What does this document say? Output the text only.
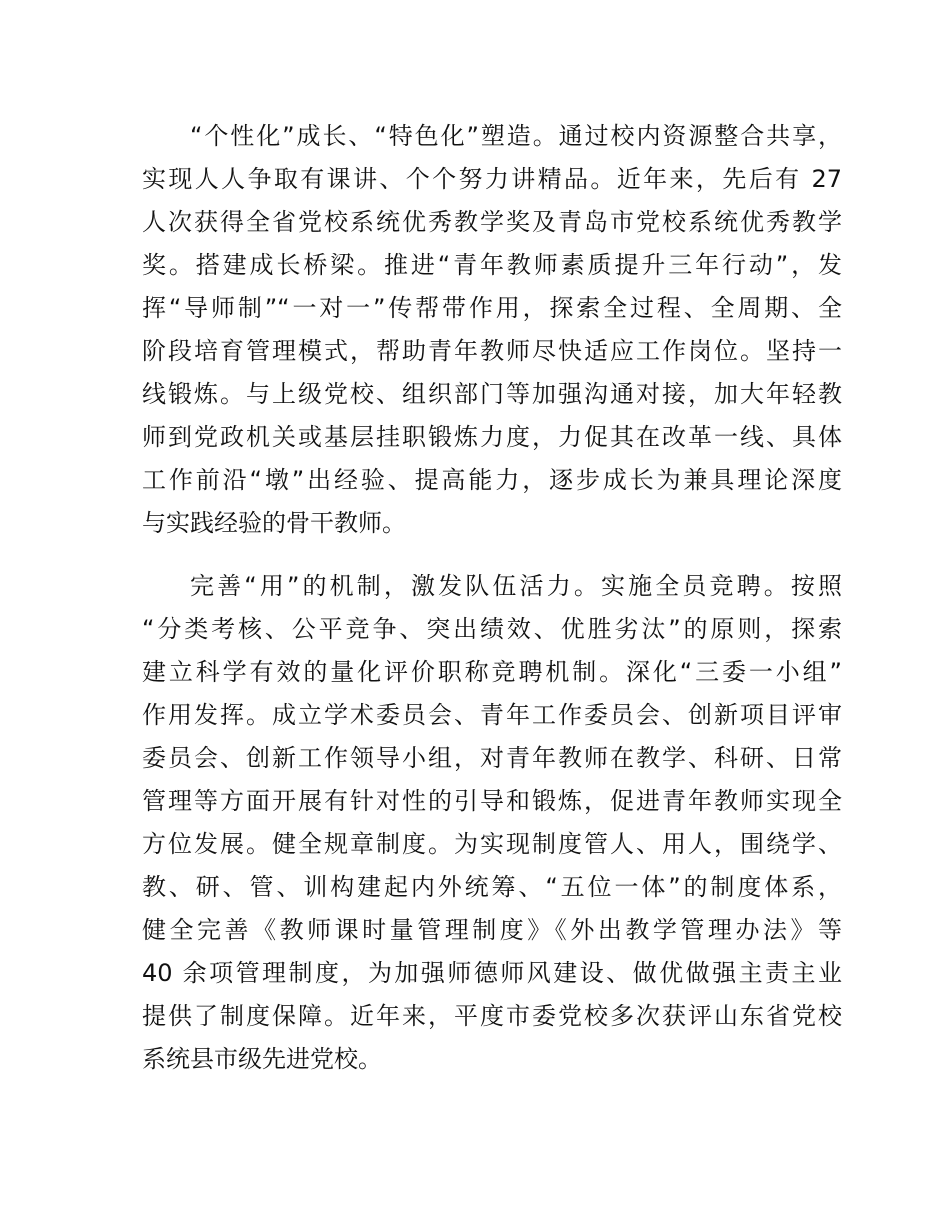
“个性化”成长、“特色化”塑造。通过校内资源整合共享，
实现人人争取有课讲、个个努力讲精品。近年来，先后有 27
人次获得全省党校系统优秀教学奖及青岛市党校系统优秀教学
奖。搭建成长桥梁。推进“青年教师素质提升三年行动”，发
挥“导师制”“一对一”传帮带作用，探索全过程、全周期、全
阶段培育管理模式，帮助青年教师尽快适应工作岗位。坚持一
线锻炼。与上级党校、组织部门等加强沟通对接，加大年轻教
师到党政机关或基层挂职锻炼力度，力促其在改革一线、具体
工作前沿“墩”出经验、提高能力，逐步成长为兼具理论深度
与实践经验的骨干教师。
完善“用”的机制，激发队伍活力。实施全员竞聘。按照
“分类考核、公平竞争、突出绩效、优胜劣汰”的原则，探索
建立科学有效的量化评价职称竞聘机制。深化“三委一小组”
作用发挥。成立学术委员会、青年工作委员会、创新项目评审
委员会、创新工作领导小组，对青年教师在教学、科研、日常
管理等方面开展有针对性的引导和锻炼，促进青年教师实现全
方位发展。健全规章制度。为实现制度管人、用人，围绕学、
教、研、管、训构建起内外统筹、“五位一体”的制度体系，
健全完善《教师课时量管理制度》《外出教学管理办法》等
40 余项管理制度，为加强师德师风建设、做优做强主责主业
提供了制度保障。近年来，平度市委党校多次获评山东省党校
系统县市级先进党校。
